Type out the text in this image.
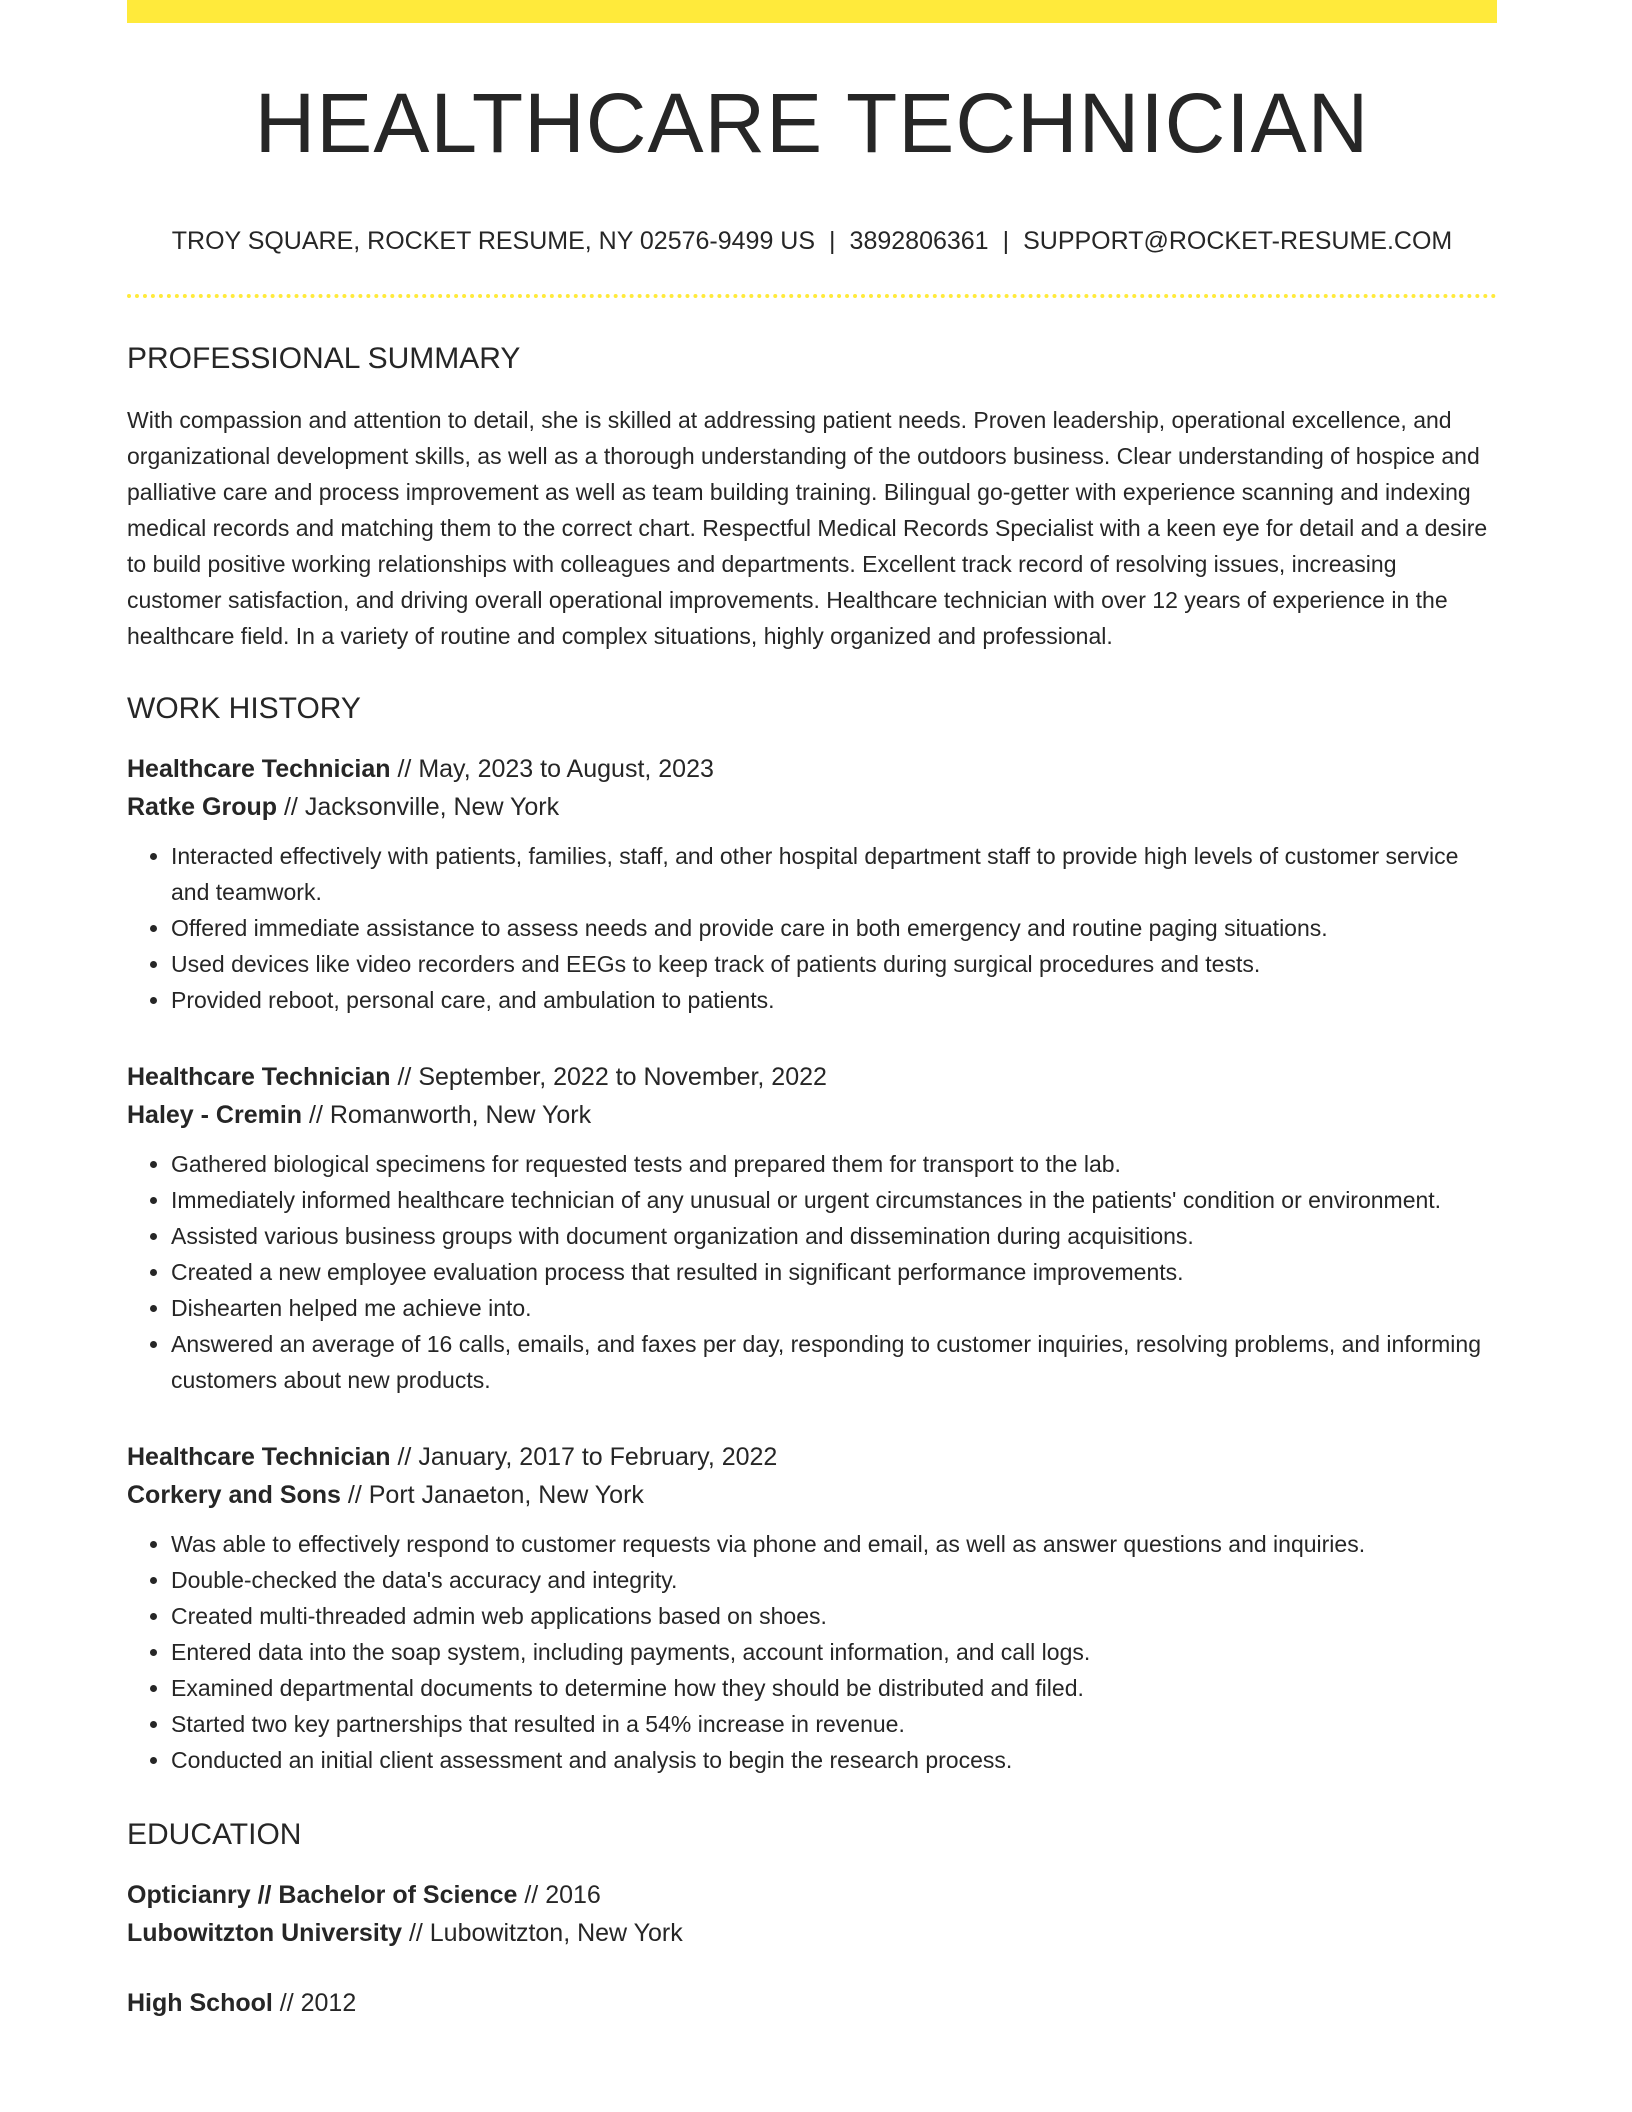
HEALTHCARE TECHNICIAN
TROY SQUARE, ROCKET RESUME, NY 02576-9499 US | 3892806361 | SUPPORT@ROCKET-RESUME.COM
PROFESSIONAL SUMMARY
With compassion and attention to detail, she is skilled at addressing patient needs. Proven leadership, operational excellence, and organizational development skills, as well as a thorough understanding of the outdoors business. Clear understanding of hospice and palliative care and process improvement as well as team building training. Bilingual go-getter with experience scanning and indexing medical records and matching them to the correct chart. Respectful Medical Records Specialist with a keen eye for detail and a desire to build positive working relationships with colleagues and departments. Excellent track record of resolving issues, increasing customer satisfaction, and driving overall operational improvements. Healthcare technician with over 12 years of experience in the healthcare field. In a variety of routine and complex situations, highly organized and professional.
WORK HISTORY
Healthcare Technician // May, 2023 to August, 2023
Ratke Group // Jacksonville, New York
• Interacted effectively with patients, families, staff, and other hospital department staff to provide high levels of customer service and teamwork.
• Offered immediate assistance to assess needs and provide care in both emergency and routine paging situations.
• Used devices like video recorders and EEGs to keep track of patients during surgical procedures and tests.
• Provided reboot, personal care, and ambulation to patients.
Healthcare Technician // September, 2022 to November, 2022
Haley - Cremin // Romanworth, New York
• Gathered biological specimens for requested tests and prepared them for transport to the lab.
• Immediately informed healthcare technician of any unusual or urgent circumstances in the patients' condition or environment.
• Assisted various business groups with document organization and dissemination during acquisitions.
• Created a new employee evaluation process that resulted in significant performance improvements.
• Dishearten helped me achieve into.
• Answered an average of 16 calls, emails, and faxes per day, responding to customer inquiries, resolving problems, and informing customers about new products.
Healthcare Technician // January, 2017 to February, 2022
Corkery and Sons // Port Janaeton, New York
• Was able to effectively respond to customer requests via phone and email, as well as answer questions and inquiries.
• Double-checked the data's accuracy and integrity.
• Created multi-threaded admin web applications based on shoes.
• Entered data into the soap system, including payments, account information, and call logs.
• Examined departmental documents to determine how they should be distributed and filed.
• Started two key partnerships that resulted in a 54% increase in revenue.
• Conducted an initial client assessment and analysis to begin the research process.
EDUCATION
Opticianry // Bachelor of Science // 2016
Lubowitzton University // Lubowitzton, New York
High School // 2012
